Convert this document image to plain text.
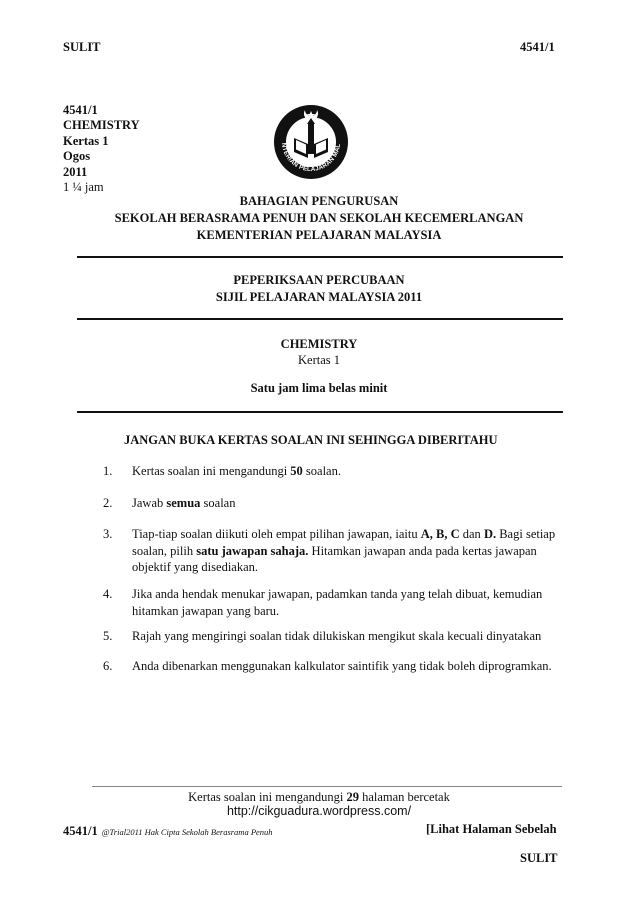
SULIT	4541/1
4541/1
CHEMISTRY
Kertas 1
Ogos
2011
1 ¼ jam
NTERIAN PELAJARAN MAL
BAHAGIAN PENGURUSAN
SEKOLAH BERASRAMA PENUH DAN SEKOLAH KECEMERLANGAN
KEMENTERIAN PELAJARAN MALAYSIA
PEPERIKSAAN PERCUBAAN
SIJIL PELAJARAN MALAYSIA 2011
CHEMISTRY
Kertas 1
Satu jam lima belas minit
JANGAN BUKA KERTAS SOALAN INI SEHINGGA DIBERITAHU
1. Kertas soalan ini mengandungi 50 soalan.
2. Jawab semua soalan
3. Tiap-tiap soalan diikuti oleh empat pilihan jawapan, iaitu A, B, C dan D. Bagi setiap soalan, pilih satu jawapan sahaja. Hitamkan jawapan anda pada kertas jawapan objektif yang disediakan.
4. Jika anda hendak menukar jawapan, padamkan tanda yang telah dibuat, kemudian hitamkan jawapan yang baru.
5. Rajah yang mengiringi soalan tidak dilukiskan mengikut skala kecuali dinyatakan
6. Anda dibenarkan menggunakan kalkulator saintifik yang tidak boleh diprogramkan.
Kertas soalan ini mengandungi 29 halaman bercetak
http://cikguadura.wordpress.com/
4541/1 @Trial2011 Hak Cipta Sekolah Berasrama Penuh	[Lihat Halaman Sebelah
SULIT
